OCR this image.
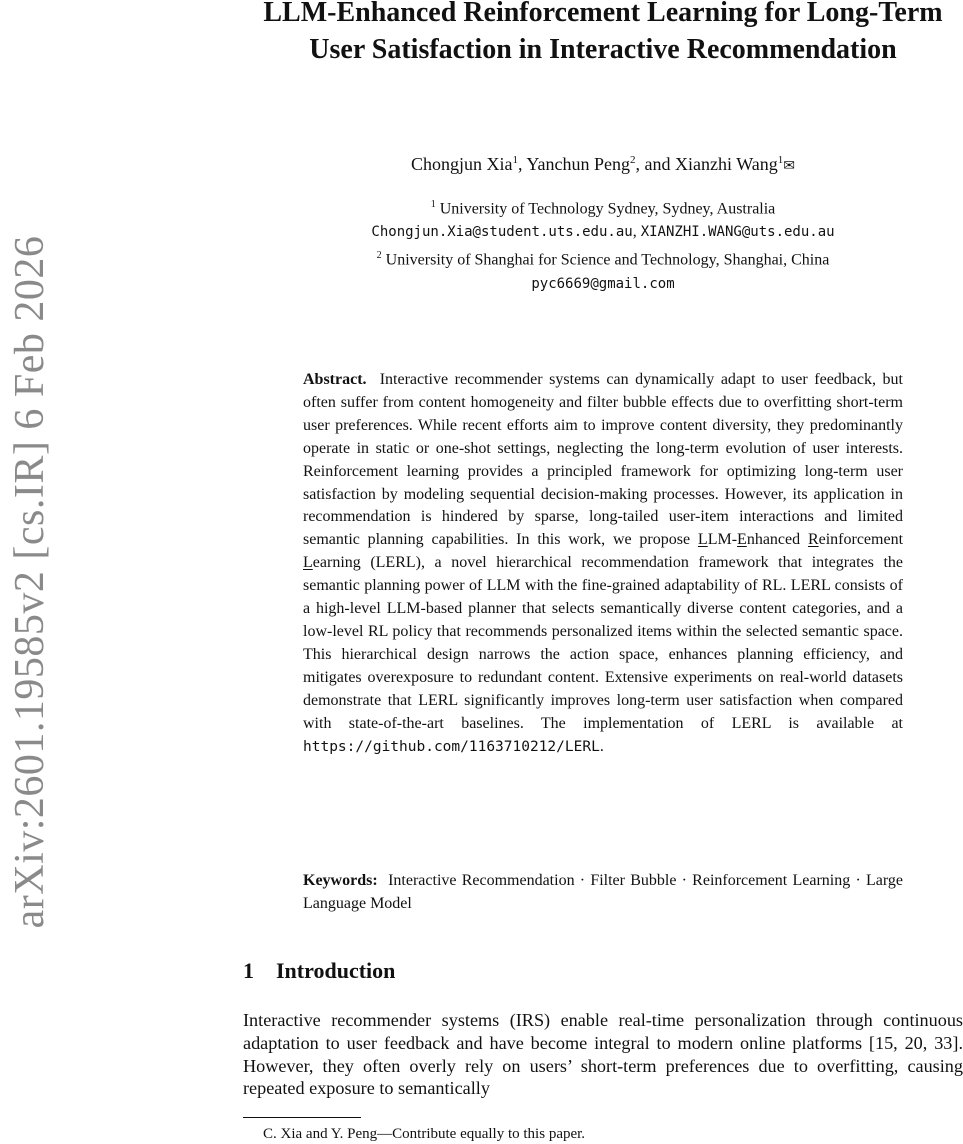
arXiv:2601.19585v2 [cs.IR] 6 Feb 2026
LLM-Enhanced Reinforcement Learning for Long-Term User Satisfaction in Interactive Recommendation
Chongjun Xia$^1$, Yanchun Peng$^2$, and Xianzhi Wang$^1$✉
$^1$ University of Technology Sydney, Sydney, Australia
Chongjun.Xia@student.uts.edu.au, XIANZHI.WANG@uts.edu.au
$^2$ University of Shanghai for Science and Technology, Shanghai, China
pyc6669@gmail.com
Abstract. Interactive recommender systems can dynamically adapt to user feedback, but often suffer from content homogeneity and filter bubble effects due to overfitting short-term user preferences. While recent efforts aim to improve content diversity, they predominantly operate in static or one-shot settings, neglecting the long-term evolution of user interests. Reinforcement learning provides a principled framework for optimizing long-term user satisfaction by modeling sequential decision-making processes. However, its application in recommendation is hindered by sparse, long-tailed user-item interactions and limited semantic planning capabilities. In this work, we propose LLM-Enhanced Reinforcement Learning (LERL), a novel hierarchical recommendation framework that integrates the semantic planning power of LLM with the fine-grained adaptability of RL. LERL consists of a high-level LLM-based planner that selects semantically diverse content categories, and a low-level RL policy that recommends personalized items within the selected semantic space. This hierarchical design narrows the action space, enhances planning efficiency, and mitigates overexposure to redundant content. Extensive experiments on real-world datasets demonstrate that LERL significantly improves long-term user satisfaction when compared with state-of-the-art baselines. The implementation of LERL is available at https://github.com/1163710212/LERL.
Keywords: Interactive Recommendation · Filter Bubble · Reinforcement Learning · Large Language Model
1 Introduction
Interactive recommender systems (IRS) enable real-time personalization through continuous adaptation to user feedback and have become integral to modern online platforms [15, 20, 33]. However, they often overly rely on users’ short-term preferences due to overfitting, causing repeated exposure to semantically
C. Xia and Y. Peng—Contribute equally to this paper.
